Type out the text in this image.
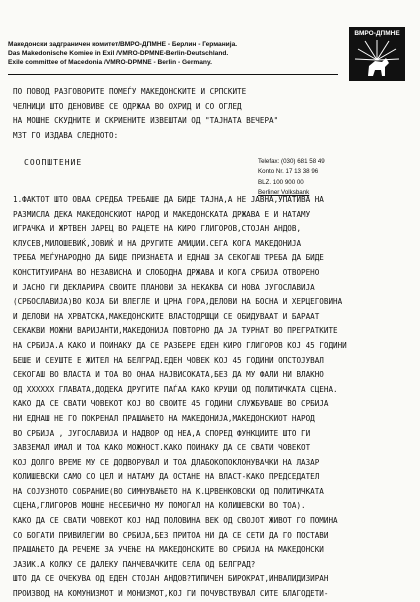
Македонски задграничен комитет/ВМРО-ДПМНЕ - Берлин - Германија.
Das Makedonische Komiee in Exil /VMRO-DPMNE-Berlin-Deutschland.
Exile committee of Macedonia /VMRO-DPMNE - Berlin - Germany.
ВМРО-ДПМНЕ
ПО ПОВОД РАЗГОВОРИТЕ ПОМЕЃУ МАКЕДОНСКИТЕ И СРПСКИТЕ
ЧЕЛНИЦИ ШТО ДЕНОВИВЕ СЕ ОДРЖАА ВО ОХРИД И СО ОГЛЕД
НА МОШНЕ СКУДНИТЕ И СКРИЕНИТЕ ИЗВЕШТАИ ОД "ТАЈНАТА ВЕЧЕРА"
МЗТ ГО ИЗДАВА СЛЕДНОТО:
СООПШТЕНИЕ	Telefax: (030) 681 58 49
Konto Nr. 17 13 38 96
BLZ. 100 900 00
Berliner Volksbank
1.ФАКТОТ ШТО ОВАА СРЕДБА ТРЕБАШЕ ДА БИДЕ ТАЈНА,А НЕ ЈАВНА,УПАТИВА НА
РАЗМИСЛА ДЕКА МАКЕДОНСКИОТ НАРОД И МАКЕДОНСКАТА ДРЖАВА Е И НАТАМУ
ИГРАЧКА И ЖРТВЕН ЈАРЕЦ ВО РАЦЕТЕ НА КИРО ГЛИГОРОВ,СТОЈАН АНДОВ,
КЛУСЕВ,МИЛОШЕВИЌ,ЈОВИЌ И НА ДРУГИТЕ АМИЏИИ.СЕГА КОГА МАКЕДОНИЈА
ТРЕБА МЕЃУНАРОДНО ДА БИДЕ ПРИЗНАЕТА И ЕДНАШ ЗА СЕКОГАШ ТРЕБА ДА БИДЕ
КОНСТИТУИРАНА ВО НЕЗАВИСНА И СЛОБОДНА ДРЖАВА И КОГА СРБИЈА ОТВОРЕНО
И ЈАСНО ГИ ДЕКЛАРИРА СВОИТЕ ПЛАНОВИ ЗА НЕКАКВА СИ НОВА ЈУГОСЛАВИЈА
(СРБОСЛАВИЈА)ВО КОЈА БИ ВЛЕГЛЕ И ЦРНА ГОРА,ДЕЛОВИ НА БОСНА И ХЕРЦЕГОВИНА
И ДЕЛОВИ НА ХРВАТСКА,МАКЕДОНСКИТЕ ВЛАСТОДРШЦИ СЕ ОБИДУВААТ И БАРААТ
СЕКАКВИ МОЖНИ ВАРИЈАНТИ,МАКЕДОНИЈА ПОВТОРНО ДА ЈА ТУРНАТ ВО ПРЕГРАТКИТЕ
НА СРБИЈА.А КАКО И ПОИНАКУ ДА СЕ РАЗБЕРЕ ЕДЕН КИРО ГЛИГОРОВ КОЈ 45 ГОДИНИ
БЕШЕ И СЕУШТЕ Е ЖИТЕЛ НА БЕЛГРАД.ЕДЕН ЧОВЕК КОЈ 45 ГОДИНИ ОПСТОЈУВАЛ
СЕКОГАШ ВО ВЛАСТА И ТОА ВО ОНАА НАЈВИСОКАТА,БЕЗ ДА МУ ФАЛИ НИ ВЛАКНО
ОД ХХХХХХ ГЛАВАТА,ДОДЕКА ДРУГИТЕ ПАЃАА КАКО КРУШИ ОД ПОЛИТИЧКАТА СЦЕНА.
КАКО ДА СЕ СВАТИ ЧОВЕКОТ КОЈ ВО СВОИТЕ 45 ГОДИНИ СЛУЖБУВАШЕ ВО СРБИЈА
НИ ЕДНАШ НЕ ГО ПОКРЕНАЛ ПРАШАЊЕТО НА МАКЕДОНИЈА,МАКЕДОНСКИОТ НАРОД
ВО СРБИЈА , ЈУГОСЛАВИЈА И НАДВОР ОД НЕА,А СПОРЕД ФУНКЦИИТЕ ШТО ГИ
ЗАВЗЕМАЛ ИМАЛ И ТОА КАКО МОЖНОСТ.КАКО ПОИНАКУ ДА СЕ СВАТИ ЧОВЕКОТ
КОЈ ДОЛГО ВРЕМЕ МУ СЕ ДОДВОРУВАЛ И ТОА ДЛАБОКОПОКЛОНУВАЧКИ НА ЛАЗАР
КОЛИШЕВСКИ САМО СО ЦЕЛ И НАТАМУ ДА ОСТАНЕ НА ВЛАСТ-КАКО ПРЕДСЕДАТЕЛ
НА СОЈУЗНОТО СОБРАНИЕ(ВО СИМНУВАЊЕТО НА К.ЦРВЕНКОВСКИ ОД ПОЛИТИЧКАТА
СЦЕНА,ГЛИГОРОВ МОШНЕ НЕСЕБИЧНО МУ ПОМОГАЛ НА КОЛИШЕВСКИ ВО ТОА).
КАКО ДА СЕ СВАТИ ЧОВЕКОТ КОЈ НАД ПОЛОВИНА ВЕК ОД СВОЈОТ ЖИВОТ ГО ПОМИНА
СО БОГАТИ ПРИВИЛЕГИИ ВО СРБИЈА,БЕЗ ПРИТОА НИ ДА СЕ СЕТИ ДА ГО ПОСТАВИ
ПРАШАЊЕТО ДА РЕЧЕМЕ ЗА УЧЕЊЕ НА МАКЕДОНСКИТЕ ВО СРБИЈА НА МАКЕДОНСКИ
ЈАЗИК.А КОЛКУ СЕ ДАЛЕКУ ПАНЧЕВАЧКИТЕ СЕЛА ОД БЕЛГРАД?
ШТО ДА СЕ ОЧЕКУВА ОД ЕДЕН СТОЈАН АНДОВ?ТИПИЧЕН БИРОКРАТ,ИНВАЛИДИЗИРАН
ПРОИЗВОД НА КОМУНИЗМОТ И МОНИЗМОТ,КОЈ ГИ ПОЧУВСТВУВАЛ СИТЕ БЛАГОДЕТИ-
